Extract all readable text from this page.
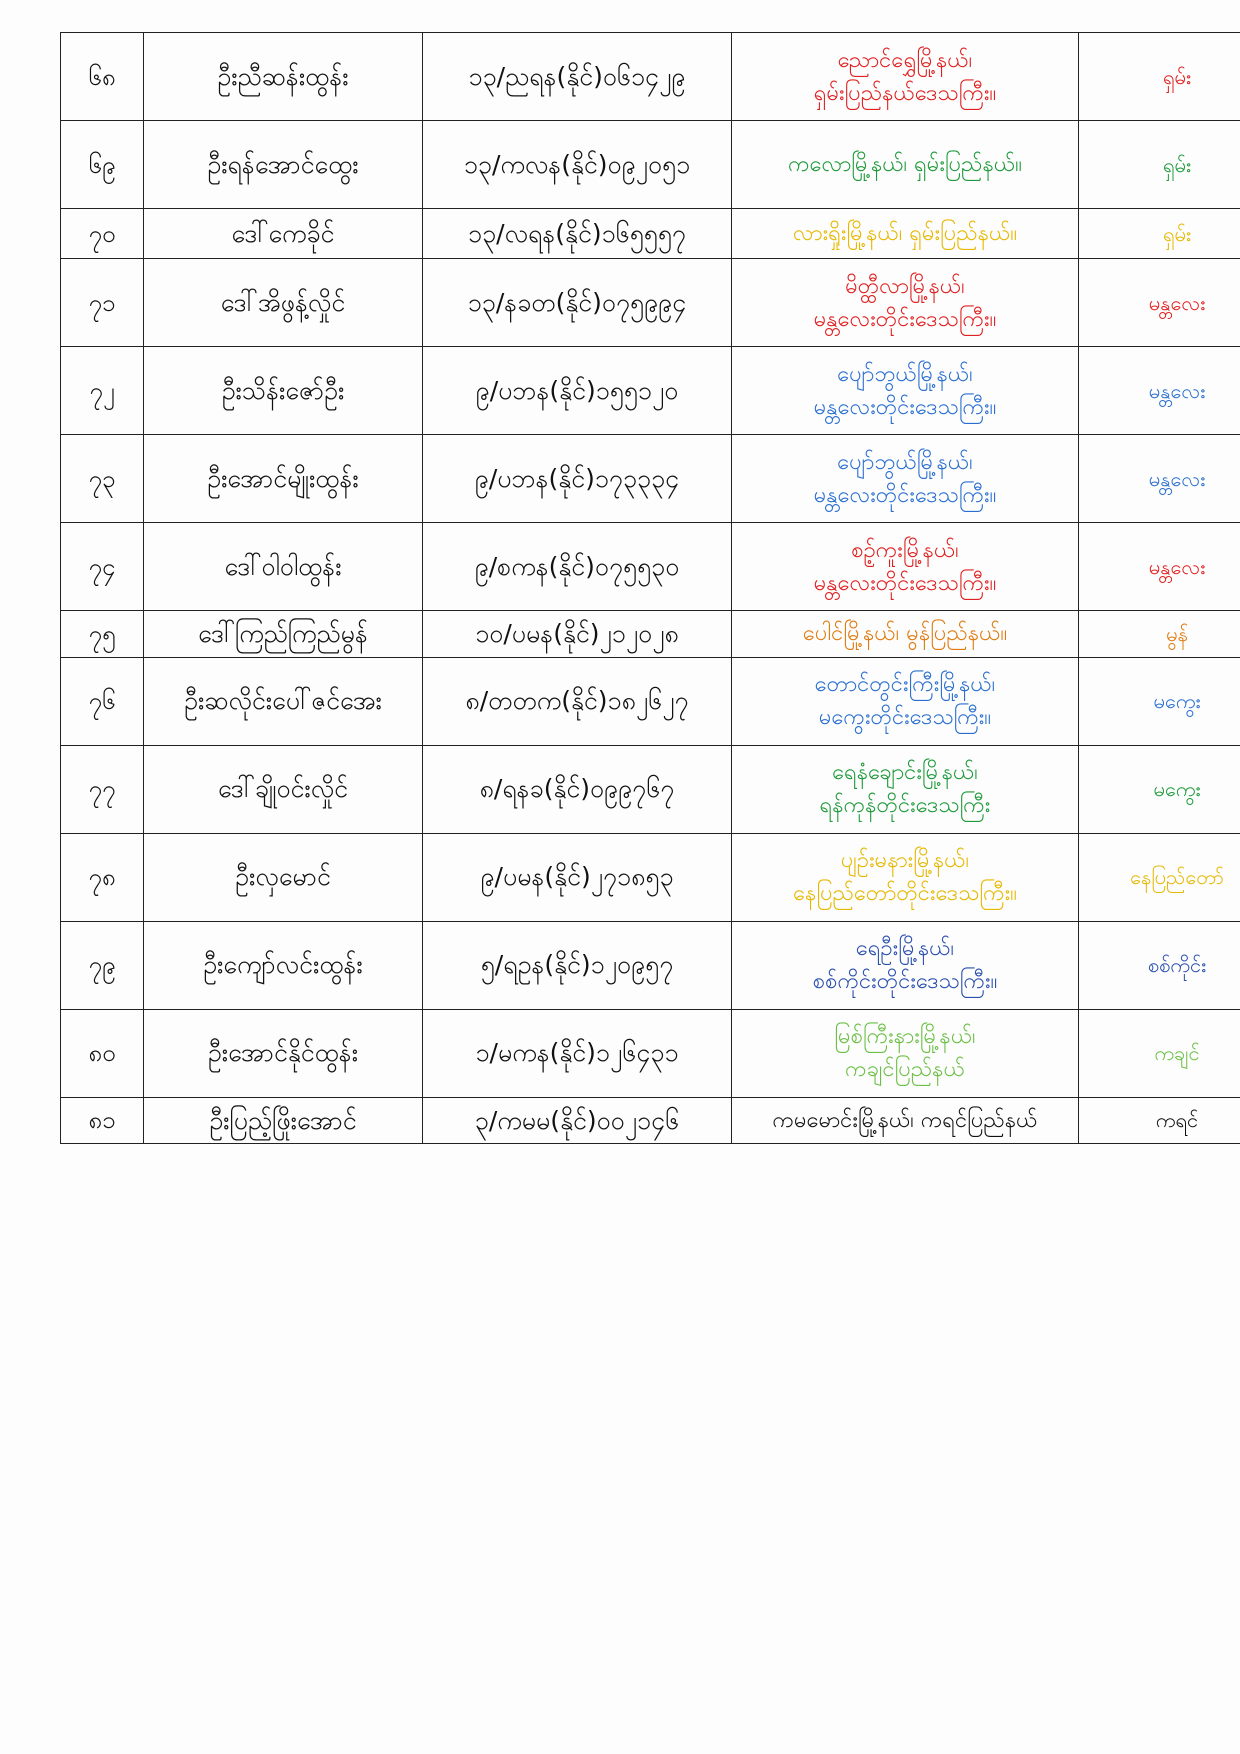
၆၈	ဦးညီဆန်းထွန်း	၁၃/ညရန(နိုင်)၀၆၁၄၂၉	ညောင်ရွှေမြို့နယ်၊
ရှမ်းပြည်နယ်ဒေသကြီး။	ရှမ်း
၆၉	ဦးရန်အောင်ထွေး	၁၃/ကလန(နိုင်)၀၉၂၀၅၁	ကလောမြို့နယ်၊ ရှမ်းပြည်နယ်။	ရှမ်း
၇၀	ဒေါ်ကေခိုင်	၁၃/လရန(နိုင်)၁၆၅၅၅၇	လားရှိုးမြို့နယ်၊ ရှမ်းပြည်နယ်။	ရှမ်း
၇၁	ဒေါ်အိဖွန့်လှိုင်	၁၃/နခတ(နိုင်)၀၇၅၉၉၄	မိတ္ထီလာမြို့နယ်၊
မန္တလေးတိုင်းဒေသကြီး။	မန္တလေး
၇၂	ဦးသိန်းဇော်ဦး	၉/ပဘန(နိုင်)၁၅၅၁၂၀	ပျော်ဘွယ်မြို့နယ်၊
မန္တလေးတိုင်းဒေသကြီး။	မန္တလေး
၇၃	ဦးအောင်မျိုးထွန်း	၉/ပဘန(နိုင်)၁၇၃၃၃၄	ပျော်ဘွယ်မြို့နယ်၊
မန္တလေးတိုင်းဒေသကြီး။	မန္တလေး
၇၄	ဒေါ်ဝါဝါထွန်း	၉/စကန(နိုင်)၀၇၅၅၃၀	စဉ့်ကူးမြို့နယ်၊
မန္တလေးတိုင်းဒေသကြီး။	မန္တလေး
၇၅	ဒေါ်ကြည်ကြည်မွန်	၁၀/ပမန(နိုင်)၂၁၂၀၂၈	ပေါင်မြို့နယ်၊ မွန်ပြည်နယ်။	မွန်
၇၆	ဦးဆလိုင်းပေါ်ဇင်အေး	၈/တတက(နိုင်)၁၈၂၆၂၇	တောင်တွင်းကြီးမြို့နယ်၊
မကွေးတိုင်းဒေသကြီး။	မကွေး
၇၇	ဒေါ်ချိုဝင်းလှိုင်	၈/ရနခ(နိုင်)၀၉၉၇၆၇	ရေနံချောင်းမြို့နယ်၊
ရန်ကုန်တိုင်းဒေသကြီး	မကွေး
၇၈	ဦးလှမောင်	၉/ပမန(နိုင်)၂၇၁၈၅၃	ပျဉ်းမနားမြို့နယ်၊
နေပြည်တော်တိုင်းဒေသကြီး။	နေပြည်တော်
၇၉	ဦးကျော်လင်းထွန်း	၅/ရဥန(နိုင်)၁၂၀၉၅၇	ရေဦးမြို့နယ်၊
စစ်ကိုင်းတိုင်းဒေသကြီး။	စစ်ကိုင်း
၈၀	ဦးအောင်နိုင်ထွန်း	၁/မကန(နိုင်)၁၂၆၄၃၁	မြစ်ကြီးနားမြို့နယ်၊
ကချင်ပြည်နယ်	ကချင်
၈၁	ဦးပြည့်ဖြိုးအောင်	၃/ကမမ(နိုင်)၀၀၂၁၄၆	ကမမောင်းမြို့နယ်၊ ကရင်ပြည်နယ်	ကရင်
